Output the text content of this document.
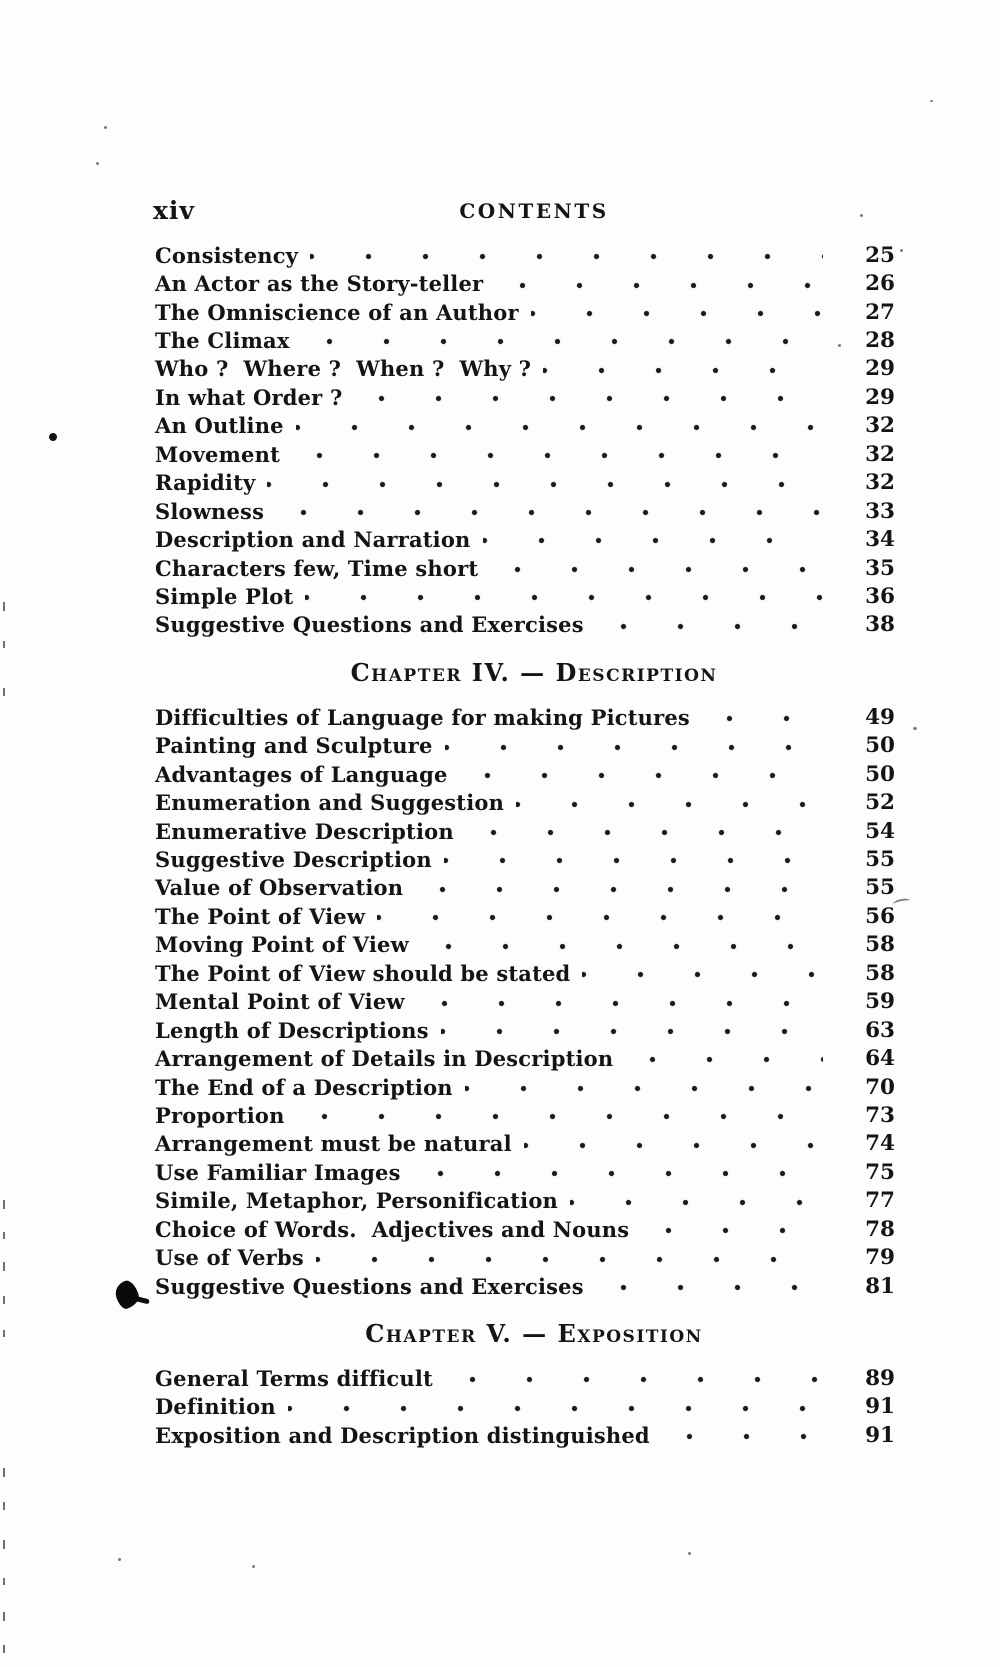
xiv	CONTENTS
Consistency	25
An Actor as the Story-teller	26
The Omniscience of an Author	27
The Climax	28
Who ?  Where ?  When ?  Why ?	29
In what Order ?	29
An Outline	32
Movement	32
Rapidity	32
Slowness	33
Description and Narration	34
Characters few, Time short	35
Simple Plot	36
Suggestive Questions and Exercises	38
Chapter IV. — Description
Difficulties of Language for making Pictures	49
Painting and Sculpture	50
Advantages of Language	50
Enumeration and Suggestion	52
Enumerative Description	54
Suggestive Description	55
Value of Observation	55
The Point of View	56
Moving Point of View	58
The Point of View should be stated	58
Mental Point of View	59
Length of Descriptions	63
Arrangement of Details in Description	64
The End of a Description	70
Proportion	73
Arrangement must be natural	74
Use Familiar Images	75
Simile, Metaphor, Personification	77
Choice of Words.  Adjectives and Nouns	78
Use of Verbs	79
Suggestive Questions and Exercises	81
Chapter V. — Exposition
General Terms difficult	89
Definition	91
Exposition and Description distinguished	91
